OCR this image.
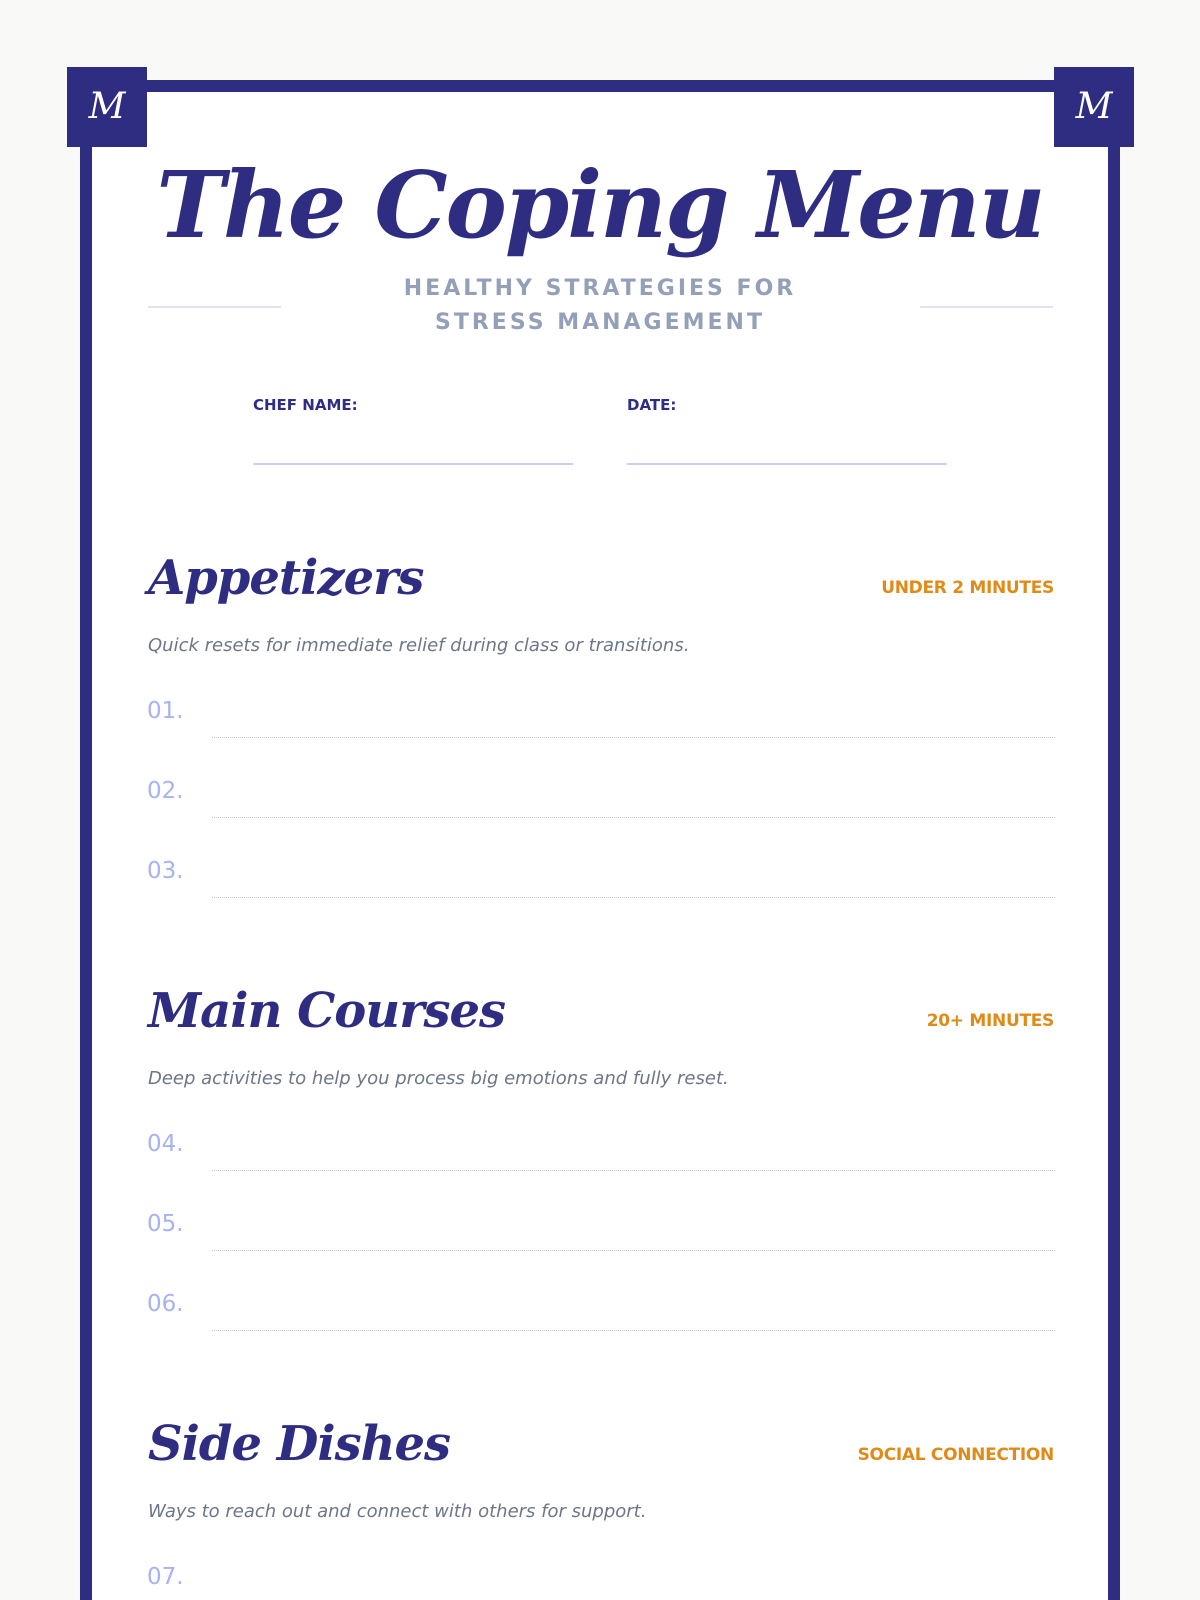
M	M
The Coping Menu
HEALTHY STRATEGIES FOR STRESS MANAGEMENT
CHEF NAME:	DATE:
Appetizers	UNDER 2 MINUTES
Quick resets for immediate relief during class or transitions.
01.
02.
03.
Main Courses	20+ MINUTES
Deep activities to help you process big emotions and fully reset.
04.
05.
06.
Side Dishes	SOCIAL CONNECTION
Ways to reach out and connect with others for support.
07.
